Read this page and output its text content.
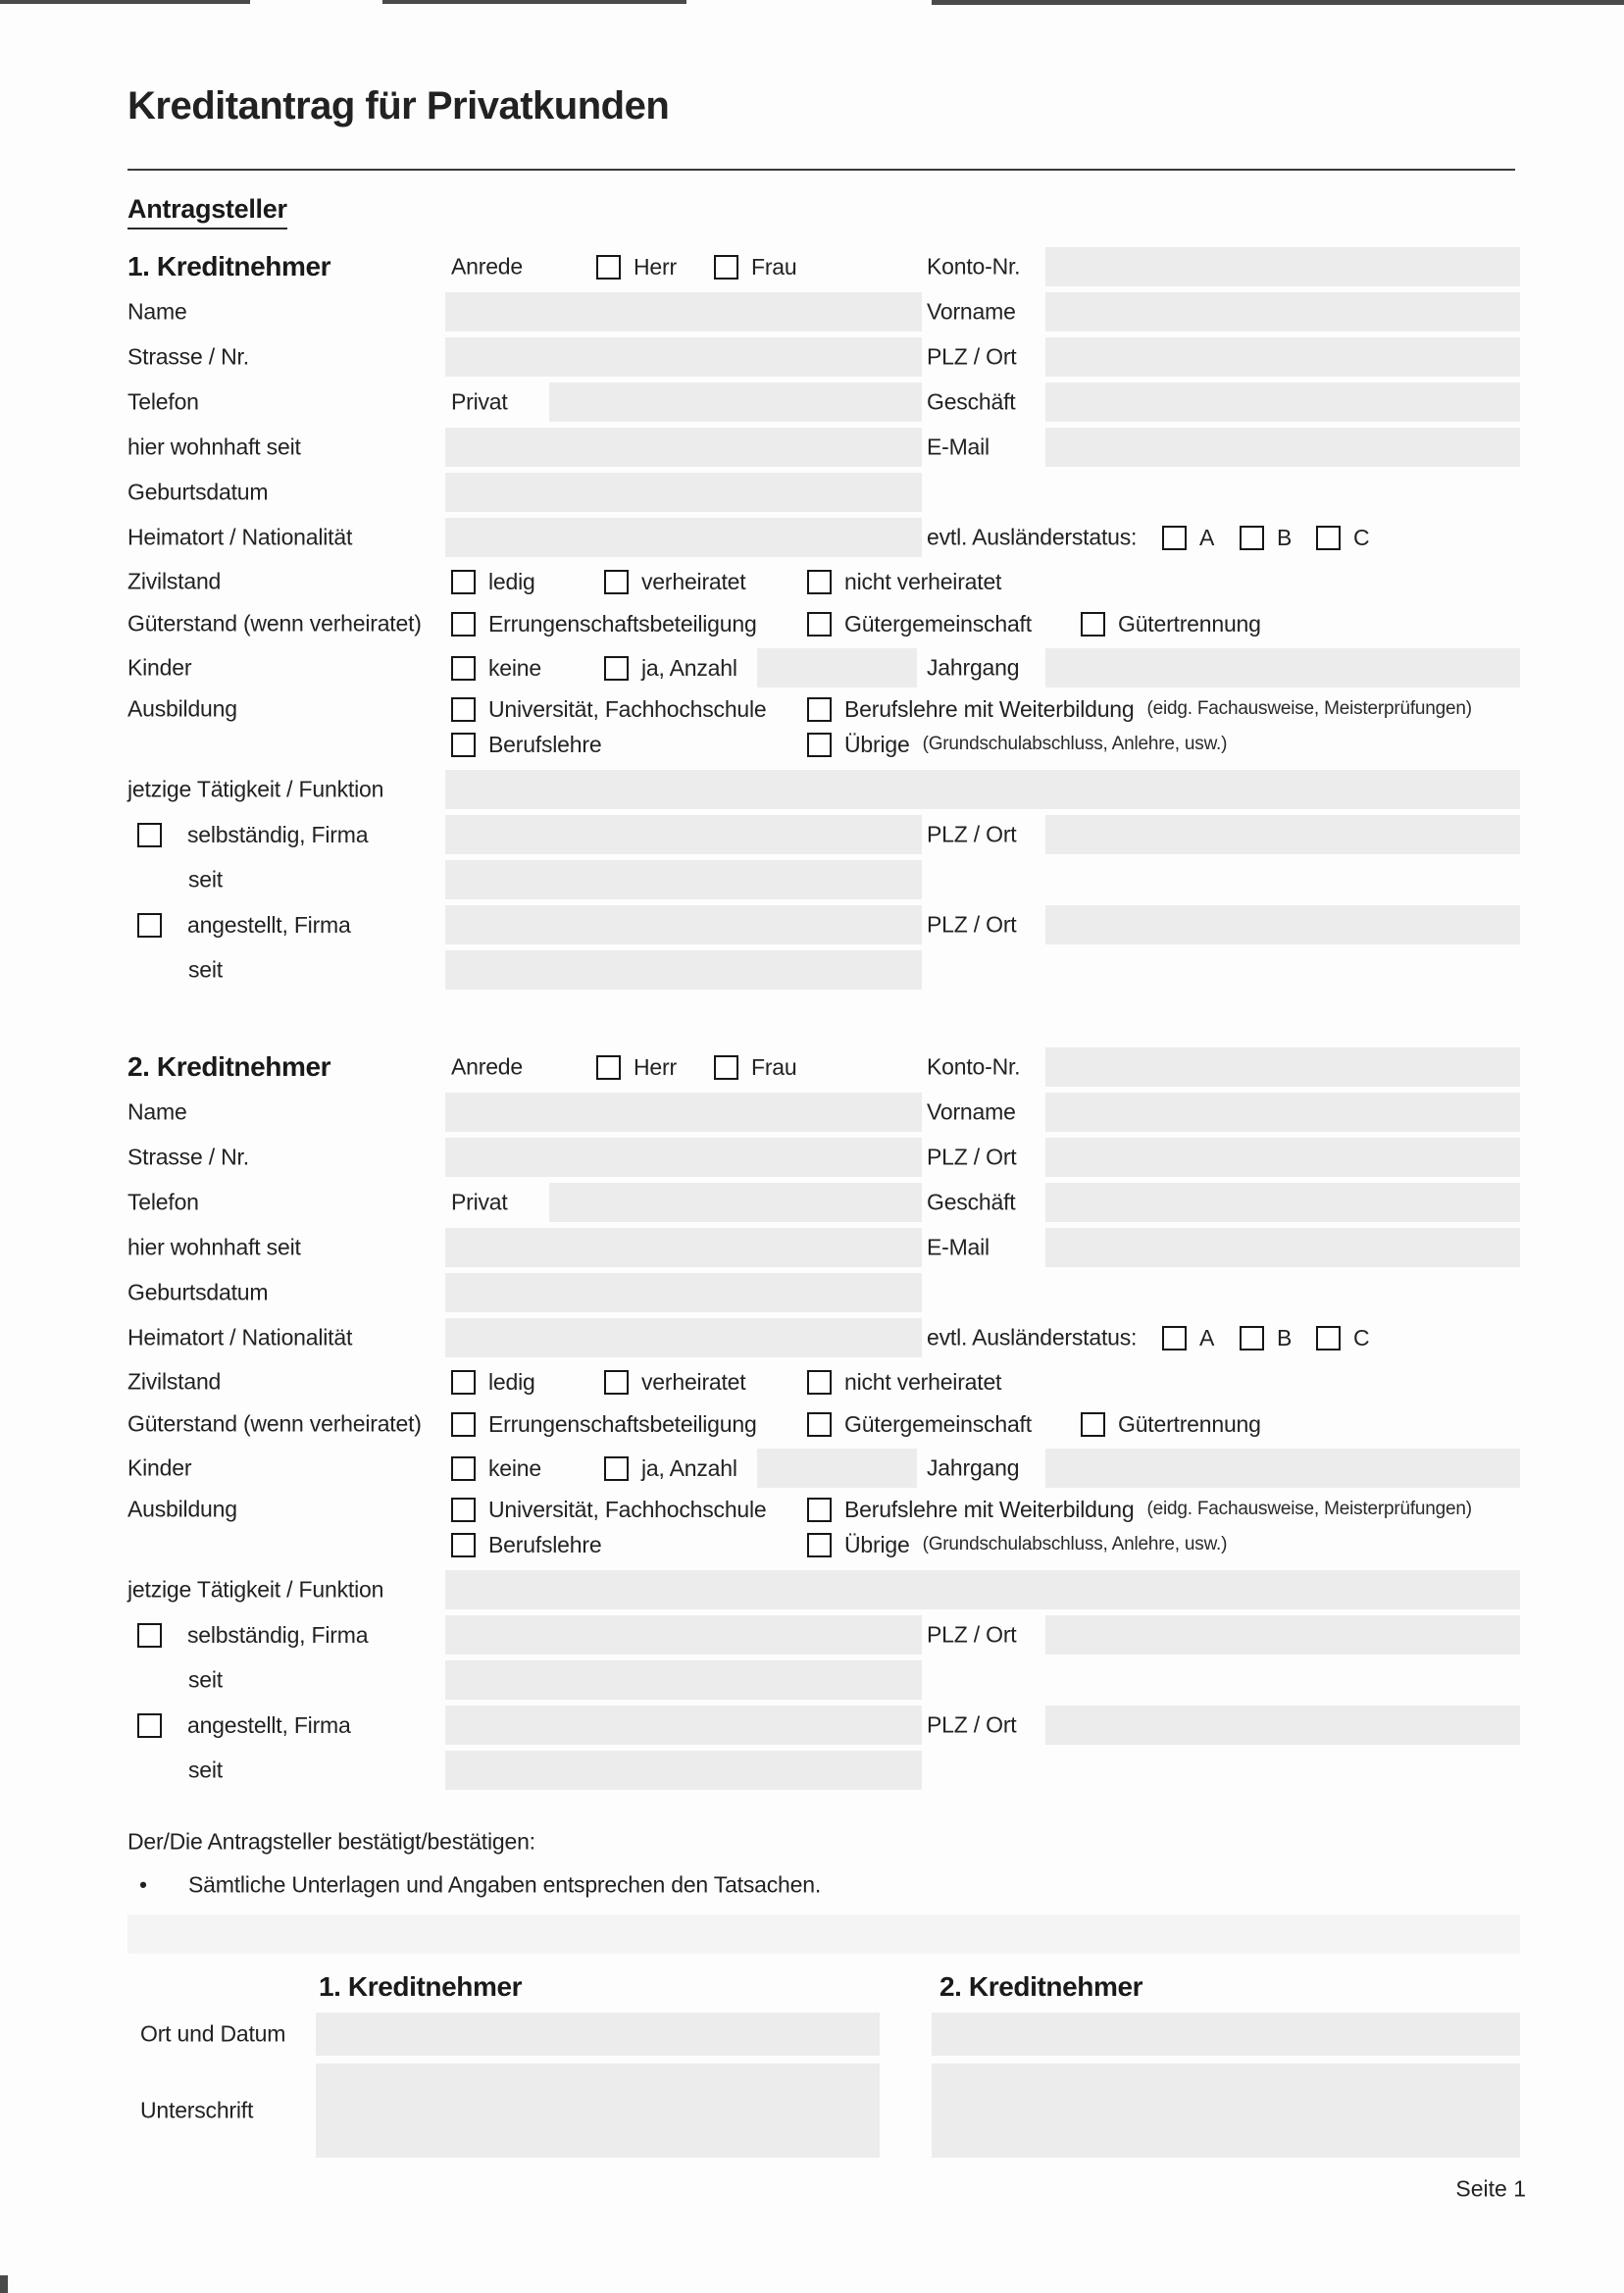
Kreditantrag für Privatkunden
Antragsteller
1. Kreditnehmer	Anrede	Herr	Frau	Konto-Nr.
Name	Vorname
Strasse / Nr.	PLZ / Ort
Telefon	Privat	Geschäft
hier wohnhaft seit	E-Mail
Geburtsdatum
Heimatort / Nationalität	evtl. Ausländerstatus:	A	B	C
Zivilstand	ledig	verheiratet	nicht verheiratet
Güterstand (wenn verheiratet)	Errungenschaftsbeteiligung	Gütergemeinschaft	Gütertrennung
Kinder	keine	ja, Anzahl	Jahrgang
Ausbildung	Universität, Fachhochschule	Berufslehre mit Weiterbildung (eidg. Fachausweise, Meisterprüfungen)
Berufslehre	Übrige (Grundschulabschluss, Anlehre, usw.)
jetzige Tätigkeit / Funktion
selbständig, Firma	PLZ / Ort
seit
angestellt, Firma	PLZ / Ort
seit
2. Kreditnehmer	Anrede	Herr	Frau	Konto-Nr.
Name	Vorname
Strasse / Nr.	PLZ / Ort
Telefon	Privat	Geschäft
hier wohnhaft seit	E-Mail
Geburtsdatum
Heimatort / Nationalität	evtl. Ausländerstatus:	A	B	C
Zivilstand	ledig	verheiratet	nicht verheiratet
Güterstand (wenn verheiratet)	Errungenschaftsbeteiligung	Gütergemeinschaft	Gütertrennung
Kinder	keine	ja, Anzahl	Jahrgang
Ausbildung	Universität, Fachhochschule	Berufslehre mit Weiterbildung (eidg. Fachausweise, Meisterprüfungen)
Berufslehre	Übrige (Grundschulabschluss, Anlehre, usw.)
jetzige Tätigkeit / Funktion
selbständig, Firma	PLZ / Ort
seit
angestellt, Firma	PLZ / Ort
seit
Der/Die Antragsteller bestätigt/bestätigen:
• Sämtliche Unterlagen und Angaben entsprechen den Tatsachen.
1. Kreditnehmer	2. Kreditnehmer
Ort und Datum
Unterschrift
Seite 1
